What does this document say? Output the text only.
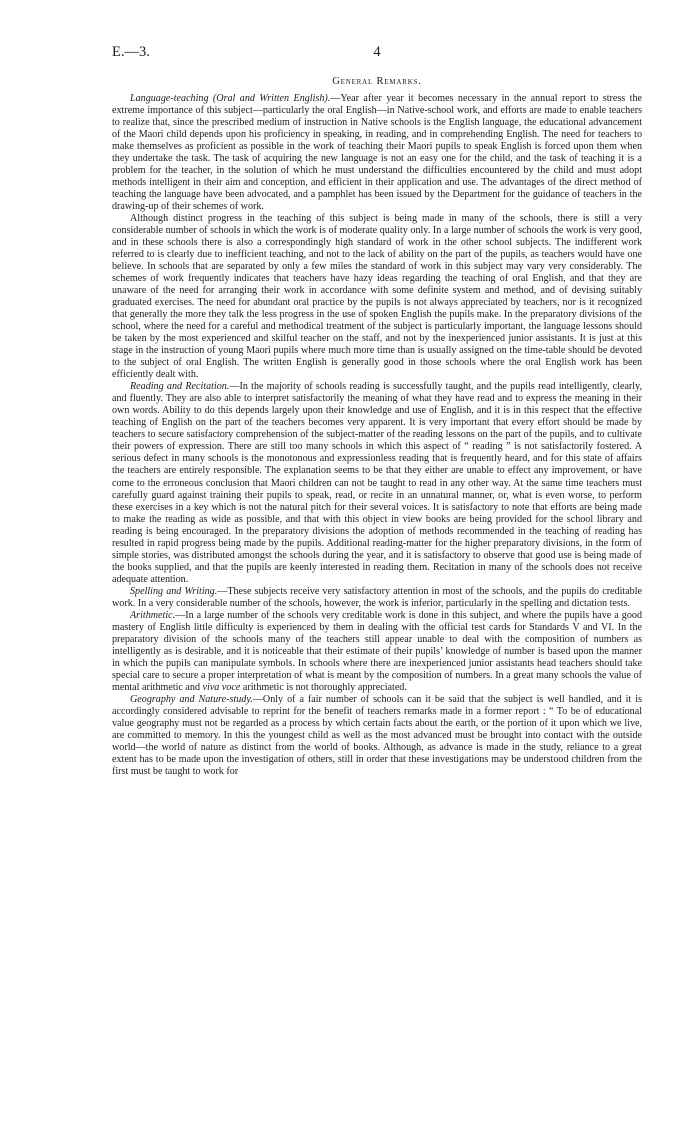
E.—3.	4
General Remarks.

Language-teaching (Oral and Written English).—Year after year it becomes necessary in the annual report to stress the extreme importance of this subject—particularly the oral English—in Native-school work, and efforts are made to enable teachers to realize that, since the prescribed medium of instruction in Native schools is the English language, the educational advancement of the Maori child depends upon his proficiency in speaking, in reading, and in comprehending English. The need for teachers to make themselves as proficient as possible in the work of teaching their Maori pupils to speak English is forced upon them when they undertake the task. The task of acquiring the new language is not an easy one for the child, and the task of teaching it is a problem for the teacher, in the solution of which he must understand the difficulties encountered by the child and must adopt methods intelligent in their aim and conception, and efficient in their application and use. The advantages of the direct method of teaching the language have been advocated, and a pamphlet has been issued by the Department for the guidance of teachers in the drawing-up of their schemes of work.

Although distinct progress in the teaching of this subject is being made in many of the schools, there is still a very considerable number of schools in which the work is of moderate quality only. In a large number of schools the work is very good, and in these schools there is also a correspondingly high standard of work in the other school subjects. The indifferent work referred to is clearly due to inefficient teaching, and not to the lack of ability on the part of the pupils, as teachers would have one believe. In schools that are separated by only a few miles the standard of work in this subject may vary very considerably. The schemes of work frequently indicates that teachers have hazy ideas regarding the teaching of oral English, and that they are unaware of the need for arranging their work in accordance with some definite system and method, and of devising suitably graduated exercises. The need for abundant oral practice by the pupils is not always appreciated by teachers, nor is it recognized that generally the more they talk the less progress in the use of spoken English the pupils make. In the preparatory divisions of the school, where the need for a careful and methodical treatment of the subject is particularly important, the language lessons should be taken by the most experienced and skilful teacher on the staff, and not by the inexperienced junior assistants. It is just at this stage in the instruction of young Maori pupils where much more time than is usually assigned on the time-table should be devoted to the subject of oral English. The written English is generally good in those schools where the oral English work has been efficiently dealt with.

Reading and Recitation.—In the majority of schools reading is successfully taught, and the pupils read intelligently, clearly, and fluently. They are also able to interpret satisfactorily the meaning of what they have read and to express the meaning in their own words. Ability to do this depends largely upon their knowledge and use of English, and it is in this respect that the effective teaching of English on the part of the teachers becomes very apparent. It is very important that every effort should be made by teachers to secure satisfactory comprehension of the subject-matter of the reading lessons on the part of the pupils, and to cultivate their powers of expression. There are still too many schools in which this aspect of “ reading ” is not satisfactorily fostered. A serious defect in many schools is the monotonous and expressionless reading that is frequently heard, and for this state of affairs the teachers are entirely responsible. The explanation seems to be that they either are unable to effect any improvement, or have come to the erroneous conclusion that Maori children can not be taught to read in any other way. At the same time teachers must carefully guard against training their pupils to speak, read, or recite in an unnatural manner, or, what is even worse, to perform these exercises in a key which is not the natural pitch for their several voices. It is satisfactory to note that efforts are being made to make the reading as wide as possible, and that with this object in view books are being provided for the school library and reading is being encouraged. In the preparatory divisions the adoption of methods recommended in the teaching of reading has resulted in rapid progress being made by the pupils. Additional reading-matter for the higher preparatory divisions, in the form of simple stories, was distributed amongst the schools during the year, and it is satisfactory to observe that good use is being made of the books supplied, and that the pupils are keenly interested in reading them. Recitation in many of the schools does not receive adequate attention.

Spelling and Writing.—These subjects receive very satisfactory attention in most of the schools, and the pupils do creditable work. In a very considerable number of the schools, however, the work is inferior, particularly in the spelling and dictation tests.

Arithmetic.—In a large number of the schools very creditable work is done in this subject, and where the pupils have a good mastery of English little difficulty is experienced by them in dealing with the official test cards for Standards V and VI. In the preparatory division of the schools many of the teachers still appear unable to deal with the composition of numbers as intelligently as is desirable, and it is noticeable that their estimate of their pupils’ knowledge of number is based upon the manner in which the pupils can manipulate symbols. In schools where there are inexperienced junior assistants head teachers should take special care to secure a proper interpretation of what is meant by the composition of numbers. In a great many schools the value of mental arithmetic and viva voce arithmetic is not thoroughly appreciated.

Geography and Nature-study.—Only of a fair number of schools can it be said that the subject is well handled, and it is accordingly considered advisable to reprint for the benefit of teachers remarks made in a former report : “ To be of educational value geography must not be regarded as a process by which certain facts about the earth, or the portion of it upon which we live, are committed to memory. In this the youngest child as well as the most advanced must be brought into contact with the outside world—the world of nature as distinct from the world of books. Although, as advance is made in the study, reliance to a great extent has to be made upon the investigation of others, still in order that these investigations may be understood children from the first must be taught to work for
